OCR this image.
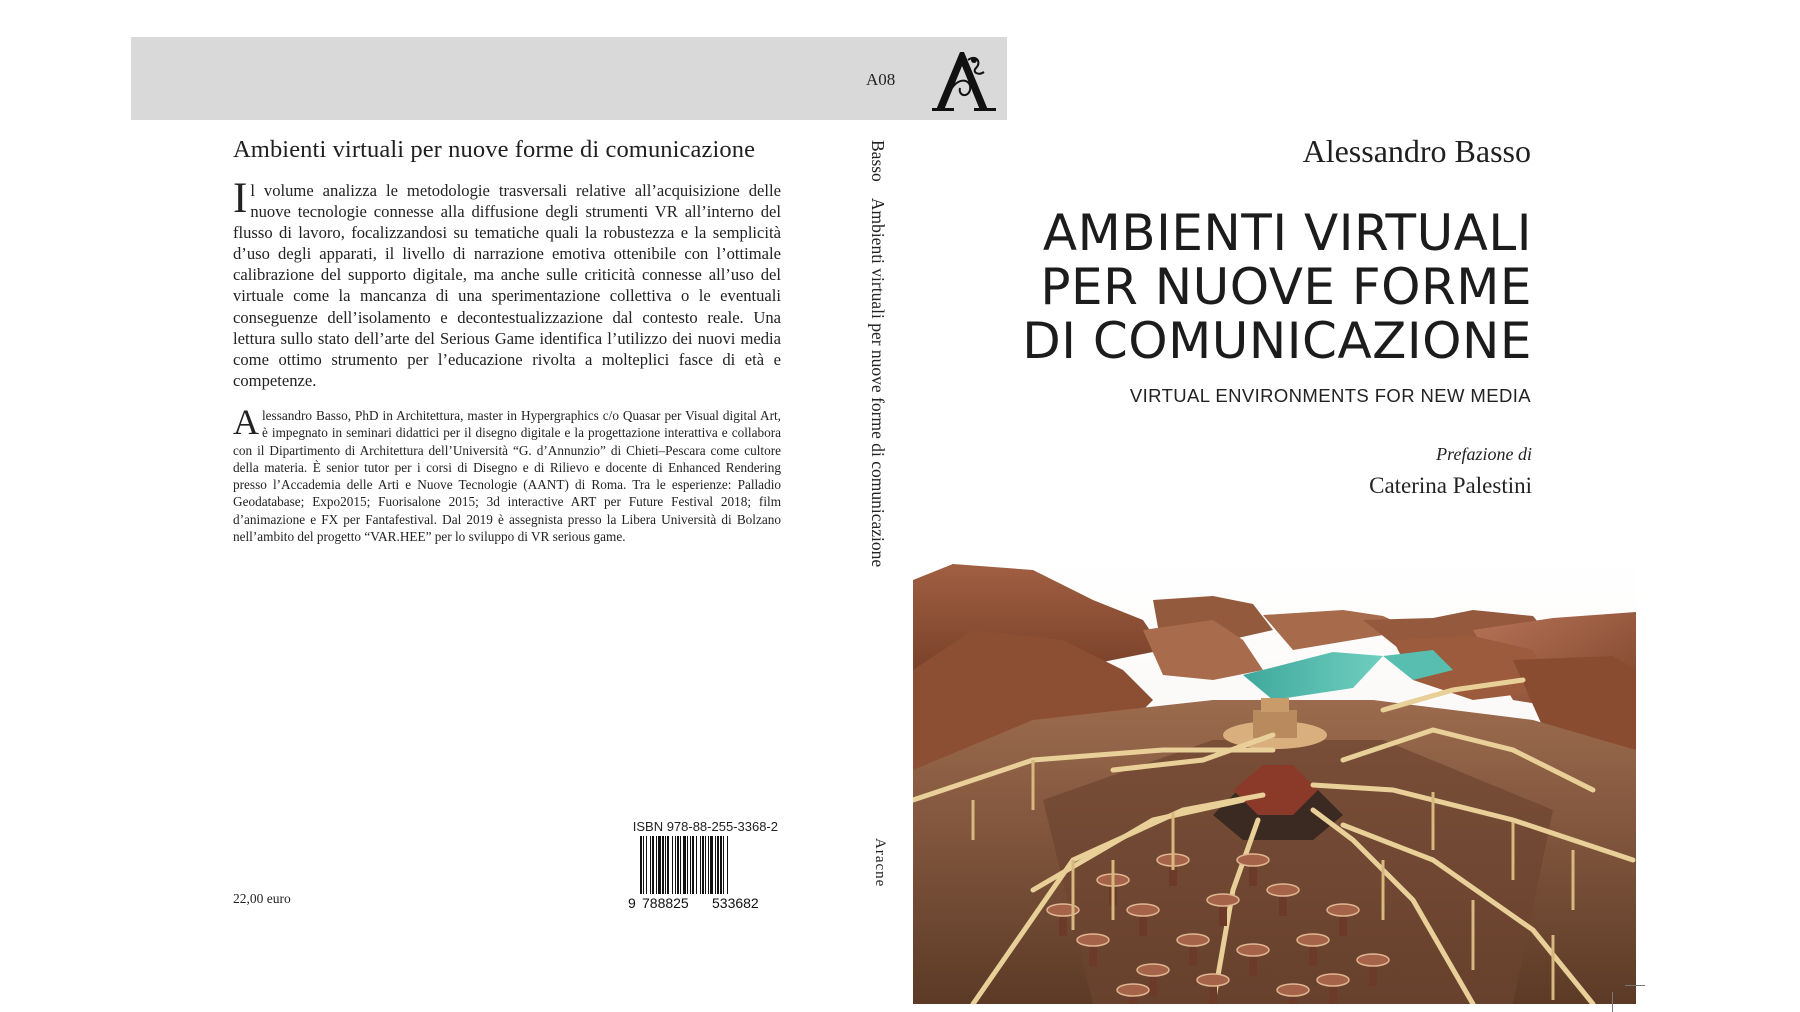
A08
Ambienti virtuali per nuove forme di comunicazione
Il volume analizza le metodologie trasversali relative all’acquisizione delle nuove tecnologie connesse alla diffusione degli strumenti VR all’interno del flusso di lavoro, focalizzandosi su tematiche quali la robustezza e la semplicità d’uso degli apparati, il livello di narrazione emotiva ottenibile con l’ottimale calibrazione del supporto digitale, ma anche sulle criticità connesse all’uso del virtuale come la mancanza di una sperimentazione collettiva o le eventuali conseguenze dell’isolamento e decontestualizzazione dal contesto reale. Una lettura sullo stato dell’arte del Serious Game identifica l’utilizzo dei nuovi media come ottimo strumento per l’educazione rivolta a molteplici fasce di età e competenze.
Alessandro Basso, PhD in Architettura, master in Hypergraphics c/o Quasar per Visual digital Art, è impegnato in seminari didattici per il disegno digitale e la progettazione interattiva e collabora con il Dipartimento di Architettura dell’Università “G. d’Annunzio” di Chieti–Pescara come cultore della materia. È senior tutor per i corsi di Disegno e di Rilievo e docente di Enhanced Rendering presso l’Accademia delle Arti e Nuove Tecnologie (AANT) di Roma. Tra le esperienze: Palladio Geodatabase; Expo2015; Fuorisalone 2015; 3d interactive ART per Future Festival 2018; film d’animazione e FX per Fantafestival. Dal 2019 è assegnista presso la Libera Università di Bolzano nell’ambito del progetto “VAR.HEE” per lo sviluppo di VR serious game.
22,00 euro
ISBN 978-88-255-3368-2
9 788825 533682
BassoAmbienti virtuali per nuove forme di comunicazione
Aracne
Alessandro Basso
AMBIENTI VIRTUALI
PER NUOVE FORME
DI COMUNICAZIONE
VIRTUAL ENVIRONMENTS FOR NEW MEDIA
Prefazione di
Caterina Palestini
